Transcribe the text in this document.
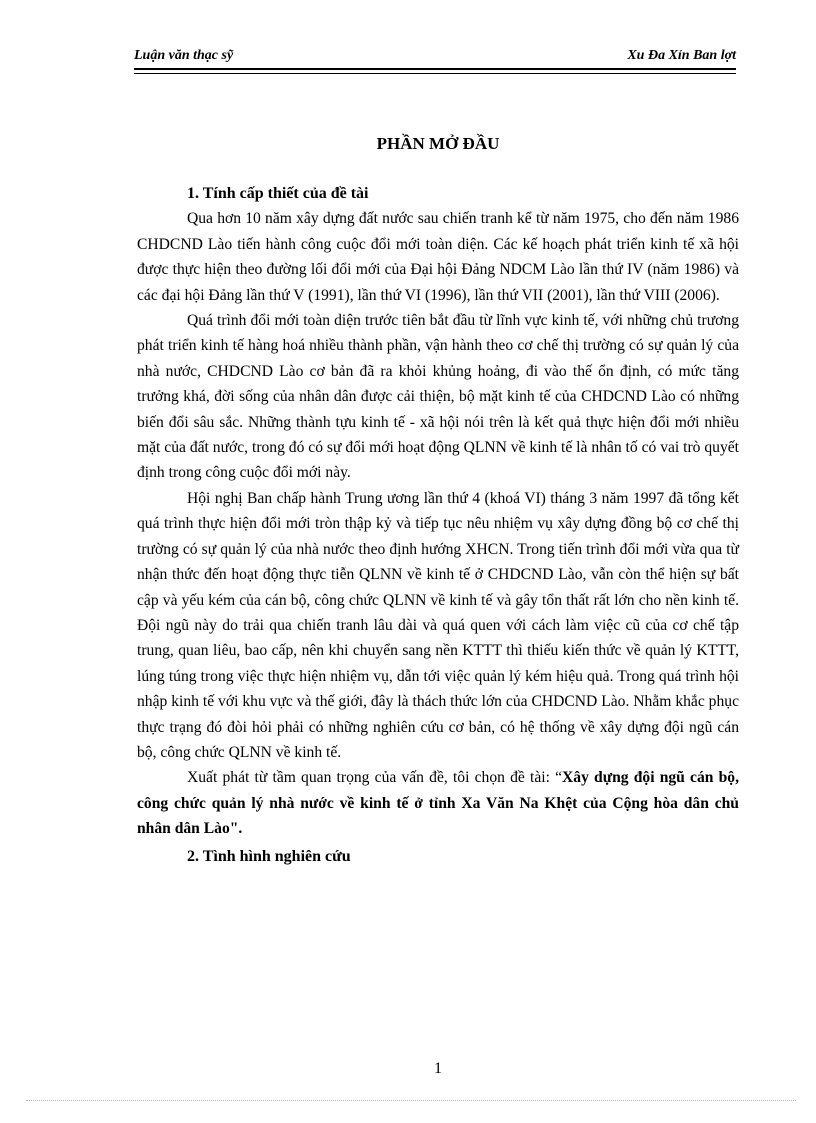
Luận văn thạc sỹ	Xu Đa Xỉn Ban lợt
PHẦN MỞ ĐẦU

1. Tính cấp thiết của đề tài

Qua hơn 10 năm xây dựng đất nước sau chiến tranh kể từ năm 1975, cho đến năm 1986 CHDCND Lào tiến hành công cuộc đổi mới toàn diện. Các kế hoạch phát triển kinh tế xã hội được thực hiện theo đường lối đổi mới của Đại hội Đảng NDCM Lào lần thứ IV (năm 1986) và các đại hội Đảng lần thứ V (1991), lần thứ VI (1996), lần thứ VII (2001), lần thứ VIII (2006).

Quá trình đổi mới toàn diện trước tiên bắt đầu từ lĩnh vực kinh tế, với những chủ trương phát triển kinh tế hàng hoá nhiều thành phần, vận hành theo cơ chế thị trường có sự quản lý của nhà nước, CHDCND Lào cơ bản đã ra khỏi khủng hoảng, đi vào thế ổn định, có mức tăng trưởng khá, đời sống của nhân dân được cải thiện, bộ mặt kinh tế của CHDCND Lào có những biến đổi sâu sắc. Những thành tựu kinh tế - xã hội nói trên là kết quả thực hiện đổi mới nhiều mặt của đất nước, trong đó có sự đổi mới hoạt động QLNN về kinh tế là nhân tố có vai trò quyết định trong công cuộc đổi mới này.

Hội nghị Ban chấp hành Trung ương lần thứ 4 (khoá VI) tháng 3 năm 1997 đã tổng kết quá trình thực hiện đổi mới tròn thập kỷ và tiếp tục nêu nhiệm vụ xây dựng đồng bộ cơ chế thị trường có sự quản lý của nhà nước theo định hướng XHCN. Trong tiến trình đổi mới vừa qua từ nhận thức đến hoạt động thực tiễn QLNN về kinh tế ở CHDCND Lào, vẫn còn thể hiện sự bất cập và yếu kém của cán bộ, công chức QLNN về kinh tế và gây tổn thất rất lớn cho nền kinh tế. Đội ngũ này do trải qua chiến tranh lâu dài và quá quen với cách làm việc cũ của cơ chế tập trung, quan liêu, bao cấp, nên khi chuyển sang nền KTTT thì thiếu kiến thức về quản lý KTTT, lúng túng trong việc thực hiện nhiệm vụ, dẫn tới việc quản lý kém hiệu quả. Trong quá trình hội nhập kinh tế với khu vực và thế giới, đây là thách thức lớn của CHDCND Lào. Nhằm khắc phục thực trạng đó đòi hỏi phải có những nghiên cứu cơ bản, có hệ thống về xây dựng đội ngũ cán bộ, công chức QLNN về kinh tế.

Xuất phát từ tầm quan trọng của vấn đề, tôi chọn đề tài: “Xây dựng đội ngũ cán bộ, công chức quản lý nhà nước về kinh tế ở tỉnh Xa Văn Na Khệt của Cộng hòa dân chủ nhân dân Lào".

2. Tình hình nghiên cứu

1
